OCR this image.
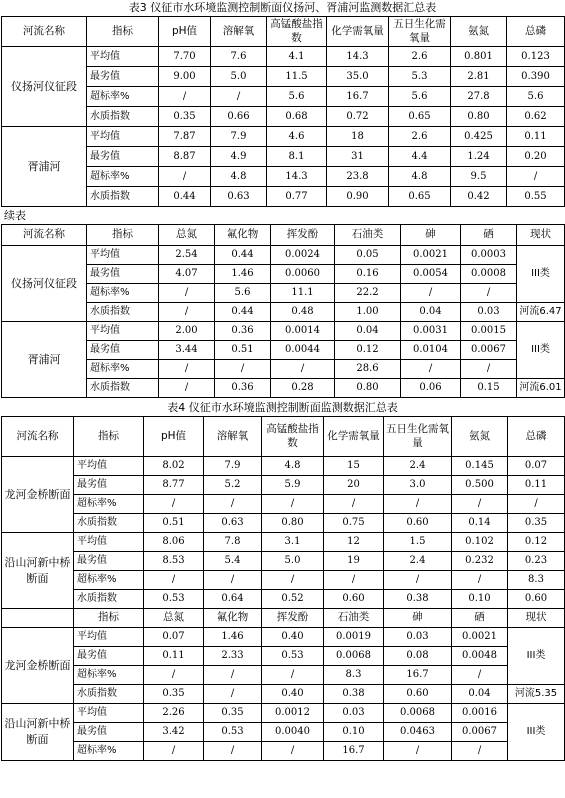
表3 仪征市水环境监测控制断面仪扬河、胥浦河监测数据汇总表
河流名称	指标	pH值	溶解氧	高锰酸盐指数	化学需氧量	五日生化需氧量	氨氮	总磷
仪扬河仪征段	平均值	7.70	7.6	4.1	14.3	2.6	0.801	0.123
	最劣值	9.00	5.0	11.5	35.0	5.3	2.81	0.390
	超标率%	/	/	5.6	16.7	5.6	27.8	5.6
	水质指数	0.35	0.66	0.68	0.72	0.65	0.80	0.62
胥浦河	平均值	7.87	7.9	4.6	18	2.6	0.425	0.11
	最劣值	8.87	4.9	8.1	31	4.4	1.24	0.20
	超标率%	/	4.8	14.3	23.8	4.8	9.5	/
	水质指数	0.44	0.63	0.77	0.90	0.65	0.42	0.55
续表
河流名称	指标	总氮	氟化物	挥发酚	石油类	砷	硒	现状
仪扬河仪征段	平均值	2.54	0.44	0.0024	0.05	0.0021	0.0003	III类
	最劣值	4.07	1.46	0.0060	0.16	0.0054	0.0008	
	超标率%	/	5.6	11.1	22.2	/	/	
	水质指数	/	0.44	0.48	1.00	0.04	0.03	河流6.47
胥浦河	平均值	2.00	0.36	0.0014	0.04	0.0031	0.0015	III类
	最劣值	3.44	0.51	0.0044	0.12	0.0104	0.0067	
	超标率%	/	/	/	28.6	/	/	
	水质指数	/	0.36	0.28	0.80	0.06	0.15	河流6.01
表4 仪征市水环境监测控制断面监测数据汇总表
河流名称	指标	pH值	溶解氧	高锰酸盐指数	化学需氧量	五日生化需氧量	氨氮	总磷
龙河金桥断面	平均值	8.02	7.9	4.8	15	2.4	0.145	0.07
	最劣值	8.77	5.2	5.9	20	3.0	0.500	0.11
	超标率%	/	/	/	/	/	/	/
	水质指数	0.51	0.63	0.80	0.75	0.60	0.14	0.35
沿山河新中桥断面	平均值	8.06	7.8	3.1	12	1.5	0.102	0.12
	最劣值	8.53	5.4	5.0	19	2.4	0.232	0.23
	超标率%	/	/	/	/	/	/	8.3
	水质指数	0.53	0.64	0.52	0.60	0.38	0.10	0.60
	指标	总氮	氟化物	挥发酚	石油类	砷	硒	现状
龙河金桥断面	平均值	0.07	1.46	0.40	0.0019	0.03	0.0021	III类
	最劣值	0.11	2.33	0.53	0.0068	0.08	0.0048	
	超标率%	/	/	/	8.3	16.7	/	
	水质指数	0.35	/	0.40	0.38	0.60	0.04	河流5.35
沿山河新中桥断面	平均值	2.26	0.35	0.0012	0.03	0.0068	0.0016	III类
	最劣值	3.42	0.53	0.0040	0.10	0.0463	0.0067	
	超标率%	/	/	/	16.7	/	/	
